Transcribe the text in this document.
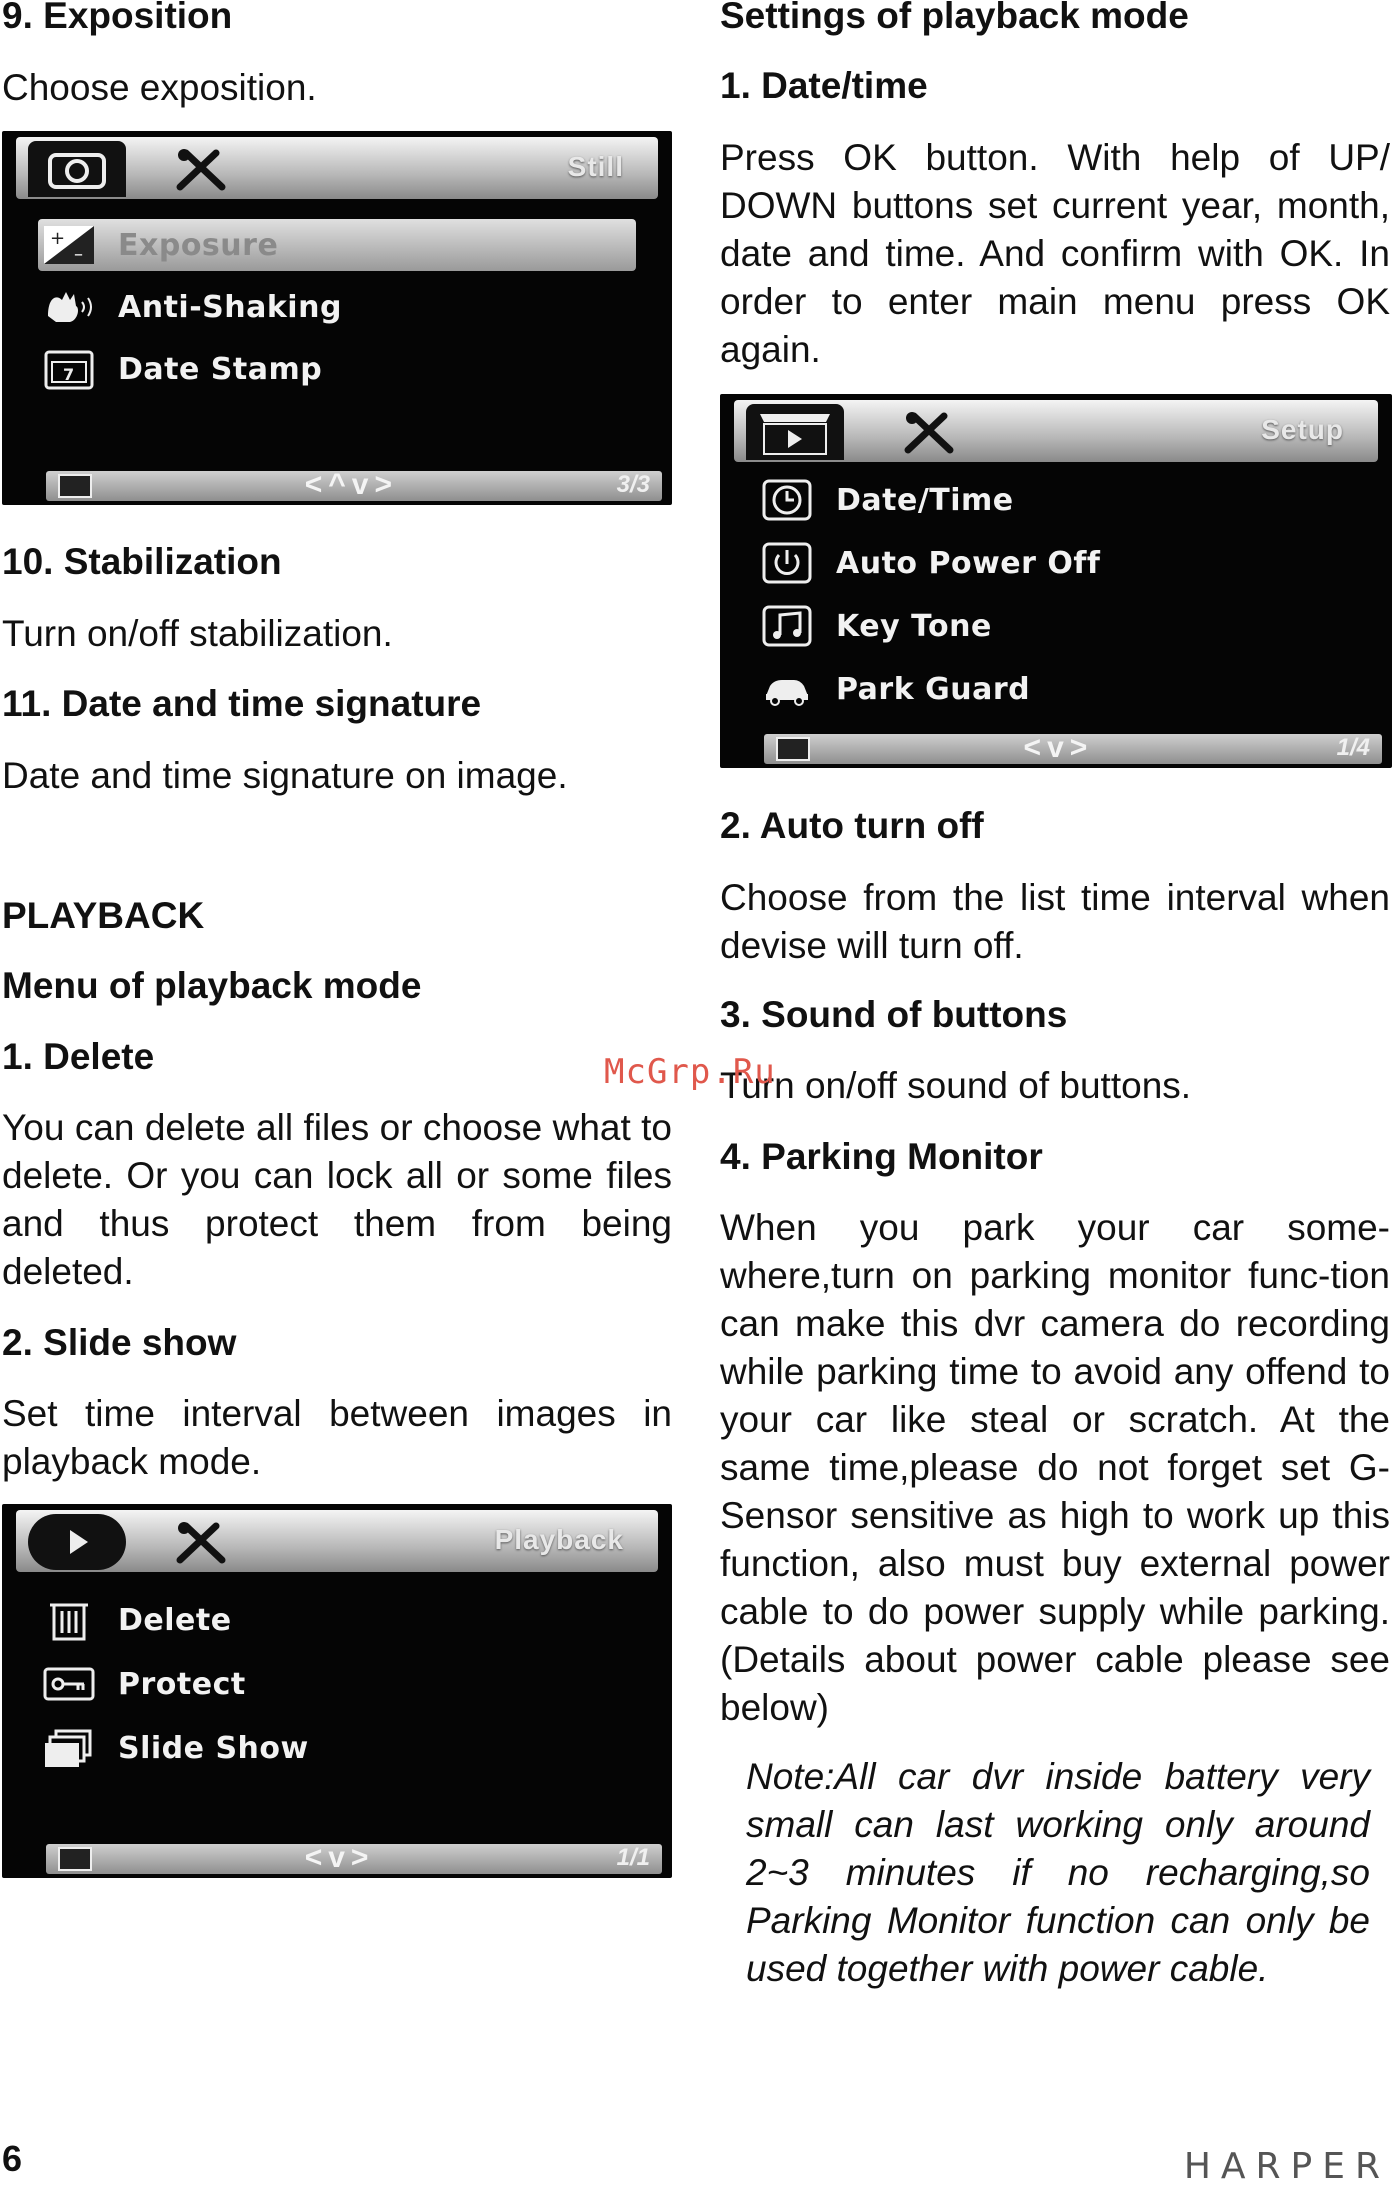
9. Exposition

Choose exposition.

Still
+
– Exposure
Anti-Shaking
7 Date Stamp
<^v>	3/3
10. Stabilization

Turn on/off stabilization.

11. Date and time signature

Date and time signature on image.

PLAYBACK
Menu of playback mode
1. Delete

You can delete all files or choose what to delete. Or you can lock all or some files and thus protect them from being deleted.

2. Slide show

Set time interval between images in playback mode.

Playback
Delete
Protect
Slide Show
<v>	1/1
Settings of playback mode
1. Date/time

Press OK button. With help of UP/ DOWN buttons set current year, month, date and time. And confirm with OK. In order to enter main menu press OK again.

Setup
Date/Time
Auto Power Off
Key Tone
Park Guard
<v>	1/4
2. Auto turn off

Choose from the list time interval when devise will turn off.

3. Sound of buttons

Turn on/off sound of buttons.

4. Parking Monitor

When you park your car some-where,turn on parking monitor func-tion can make this dvr camera do recording while parking time to avoid any offend to your car like steal or scratch. At the same time,please do not forget set G-Sensor sensitive as high to work up this function, also must buy external power cable to do power supply while parking.(Details about power cable please see below)

Note:All car dvr inside battery very small can last working only around 2~3 minutes if no recharging,so Parking Monitor function can only be used together with power cable.

McGrp.Ru
6	HARPER
